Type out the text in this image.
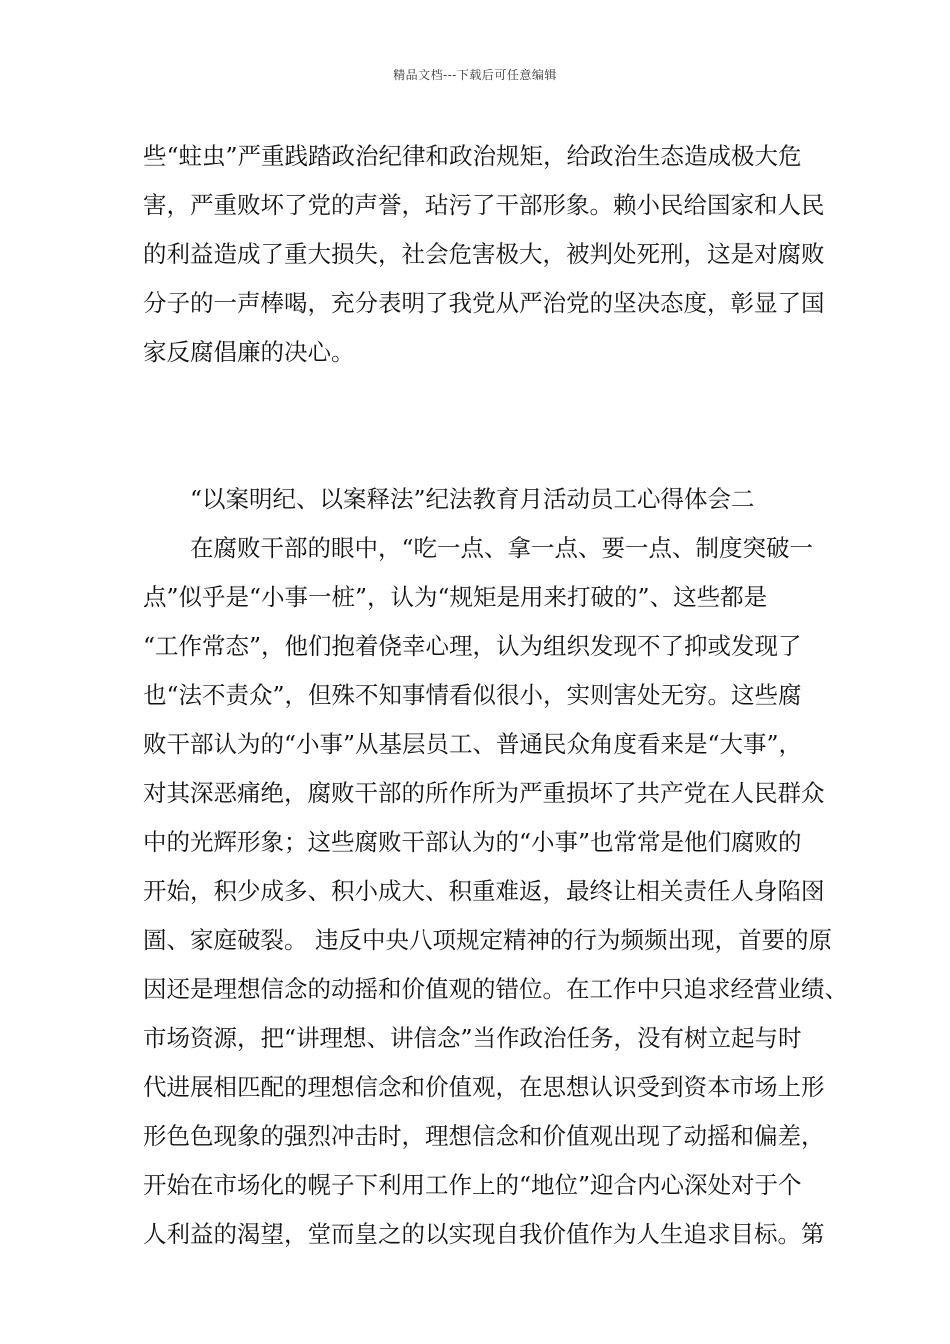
精品文档---下载后可任意编辑
些“蛀虫”严重践踏政治纪律和政治规矩，给政治生态造成极大危
害，严重败坏了党的声誉，玷污了干部形象。赖小民给国家和人民
的利益造成了重大损失，社会危害极大，被判处死刑，这是对腐败
分子的一声棒喝，充分表明了我党从严治党的坚决态度，彰显了国
家反腐倡廉的决心。
“以案明纪、以案释法”纪法教育月活动员工心得体会二
在腐败干部的眼中，“吃一点、拿一点、要一点、制度突破一
点”似乎是“小事一桩”，认为“规矩是用来打破的”、这些都是
“工作常态”，他们抱着侥幸心理，认为组织发现不了抑或发现了
也“法不责众”，但殊不知事情看似很小，实则害处无穷。这些腐
败干部认为的“小事”从基层员工、普通民众角度看来是“大事”，
对其深恶痛绝，腐败干部的所作所为严重损坏了共产党在人民群众
中的光辉形象；这些腐败干部认为的“小事”也常常是他们腐败的
开始，积少成多、积小成大、积重难返，最终让相关责任人身陷囹
圄、家庭破裂。 违反中央八项规定精神的行为频频出现，首要的原
因还是理想信念的动摇和价值观的错位。在工作中只追求经营业绩、
市场资源，把“讲理想、讲信念”当作政治任务，没有树立起与时
代进展相匹配的理想信念和价值观，在思想认识受到资本市场上形
形色色现象的强烈冲击时，理想信念和价值观出现了动摇和偏差，
开始在市场化的幌子下利用工作上的“地位”迎合内心深处对于个
人利益的渴望，堂而皇之的以实现自我价值作为人生追求目标。第
